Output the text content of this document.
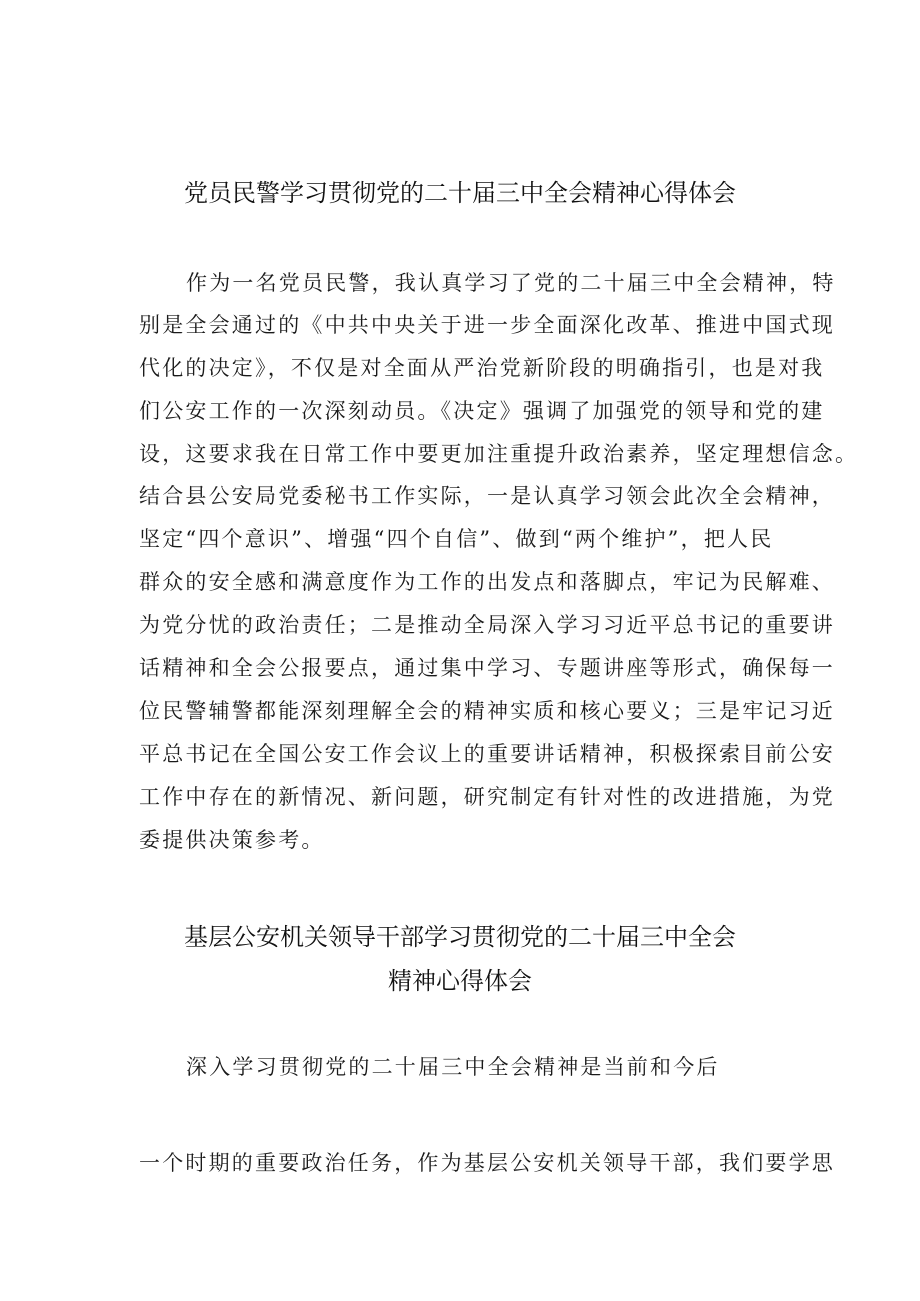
党员民警学习贯彻党的二十届三中全会精神心得体会

作为一名党员民警，我认真学习了党的二十届三中全会精神，特

别是全会通过的《中共中央关于进一步全面深化改革、推进中国式现

代化的决定》，不仅是对全面从严治党新阶段的明确指引，也是对我

们公安工作的一次深刻动员。《决定》强调了加强党的领导和党的建

设，这要求我在日常工作中要更加注重提升政治素养，坚定理想信念。

结合县公安局党委秘书工作实际，一是认真学习领会此次全会精神，

坚定“四个意识”、增强“四个自信”、做到“两个维护”，把人民

群众的安全感和满意度作为工作的出发点和落脚点，牢记为民解难、

为党分忧的政治责任；二是推动全局深入学习习近平总书记的重要讲

话精神和全会公报要点，通过集中学习、专题讲座等形式，确保每一

位民警辅警都能深刻理解全会的精神实质和核心要义；三是牢记习近

平总书记在全国公安工作会议上的重要讲话精神，积极探索目前公安

工作中存在的新情况、新问题，研究制定有针对性的改进措施，为党

委提供决策参考。

基层公安机关领导干部学习贯彻党的二十届三中全会
精神心得体会

深入学习贯彻党的二十届三中全会精神是当前和今后

一个时期的重要政治任务，作为基层公安机关领导干部，我们要学思
